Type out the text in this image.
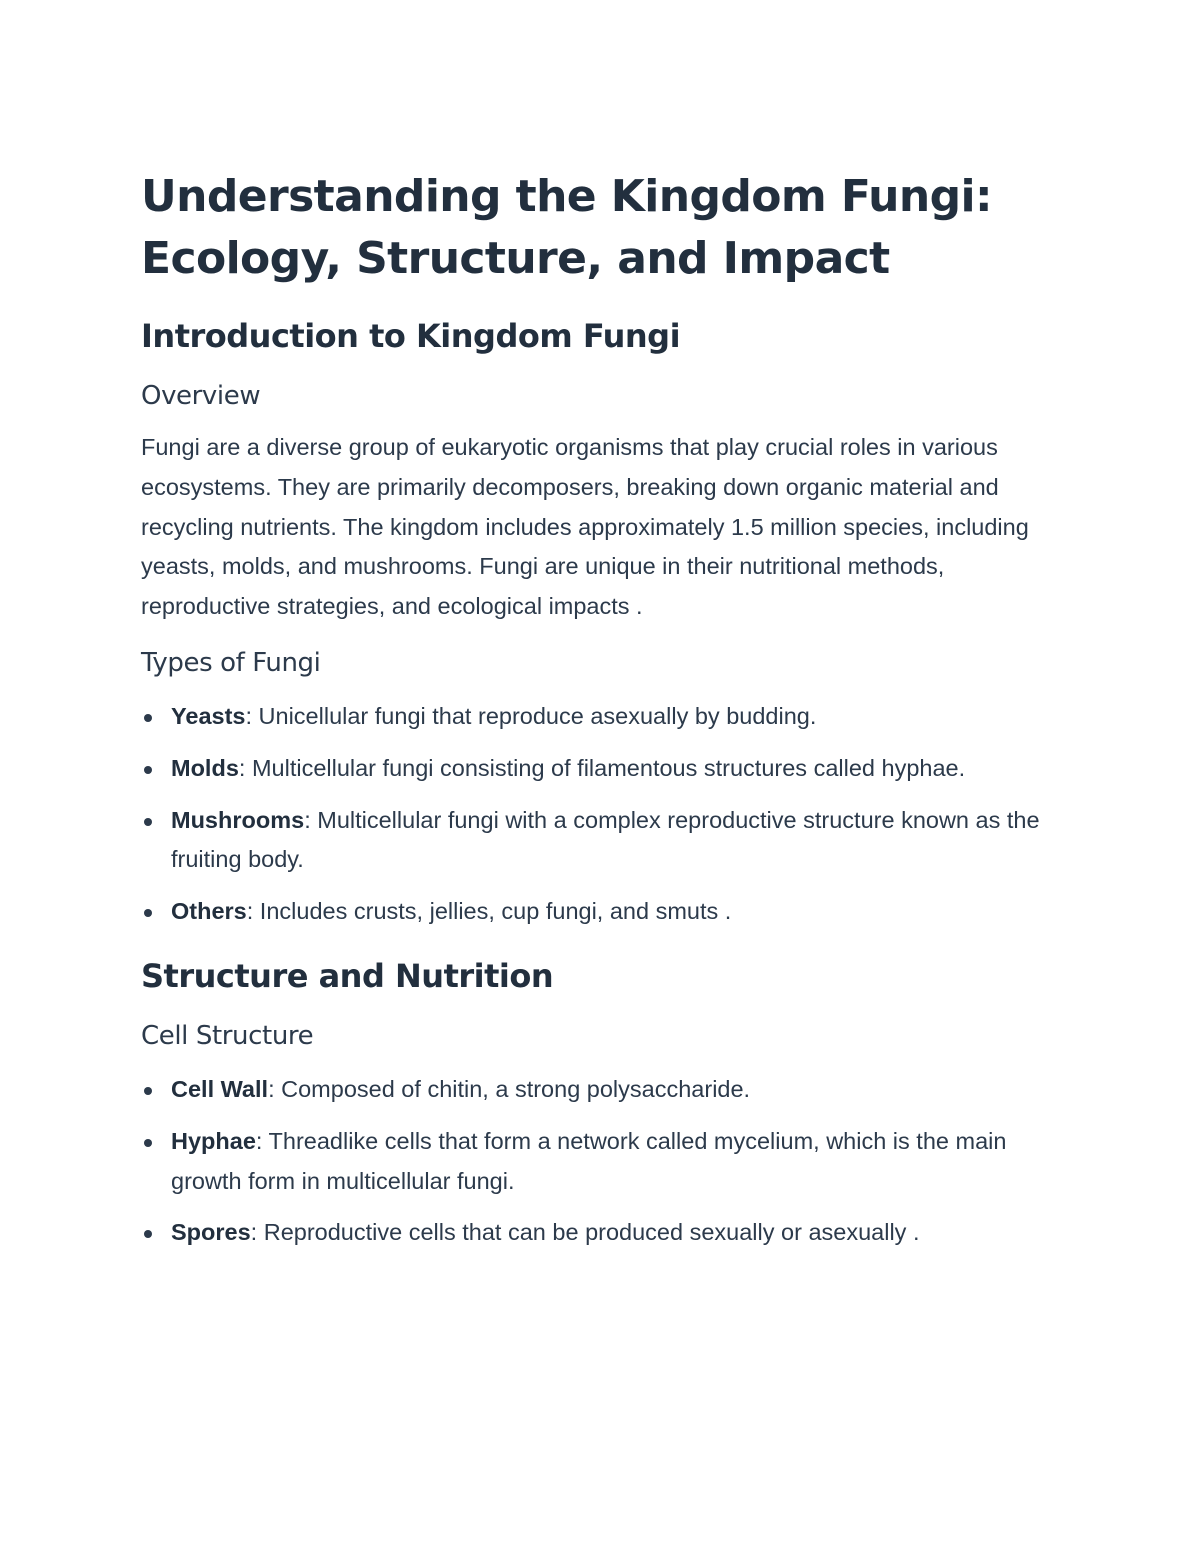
Understanding the Kingdom Fungi: Ecology, Structure, and Impact
Introduction to Kingdom Fungi
Overview

Fungi are a diverse group of eukaryotic organisms that play crucial roles in various ecosystems. They are primarily decomposers, breaking down organic material and recycling nutrients. The kingdom includes approximately 1.5 million species, including yeasts, molds, and mushrooms. Fungi are unique in their nutritional methods, reproductive strategies, and ecological impacts .

Types of Fungi
Yeasts: Unicellular fungi that reproduce asexually by budding.
Molds: Multicellular fungi consisting of filamentous structures called hyphae.
Mushrooms: Multicellular fungi with a complex reproductive structure known as the fruiting body.
Others: Includes crusts, jellies, cup fungi, and smuts .
Structure and Nutrition
Cell Structure
Cell Wall: Composed of chitin, a strong polysaccharide.
Hyphae: Threadlike cells that form a network called mycelium, which is the main growth form in multicellular fungi.
Spores: Reproductive cells that can be produced sexually or asexually .
